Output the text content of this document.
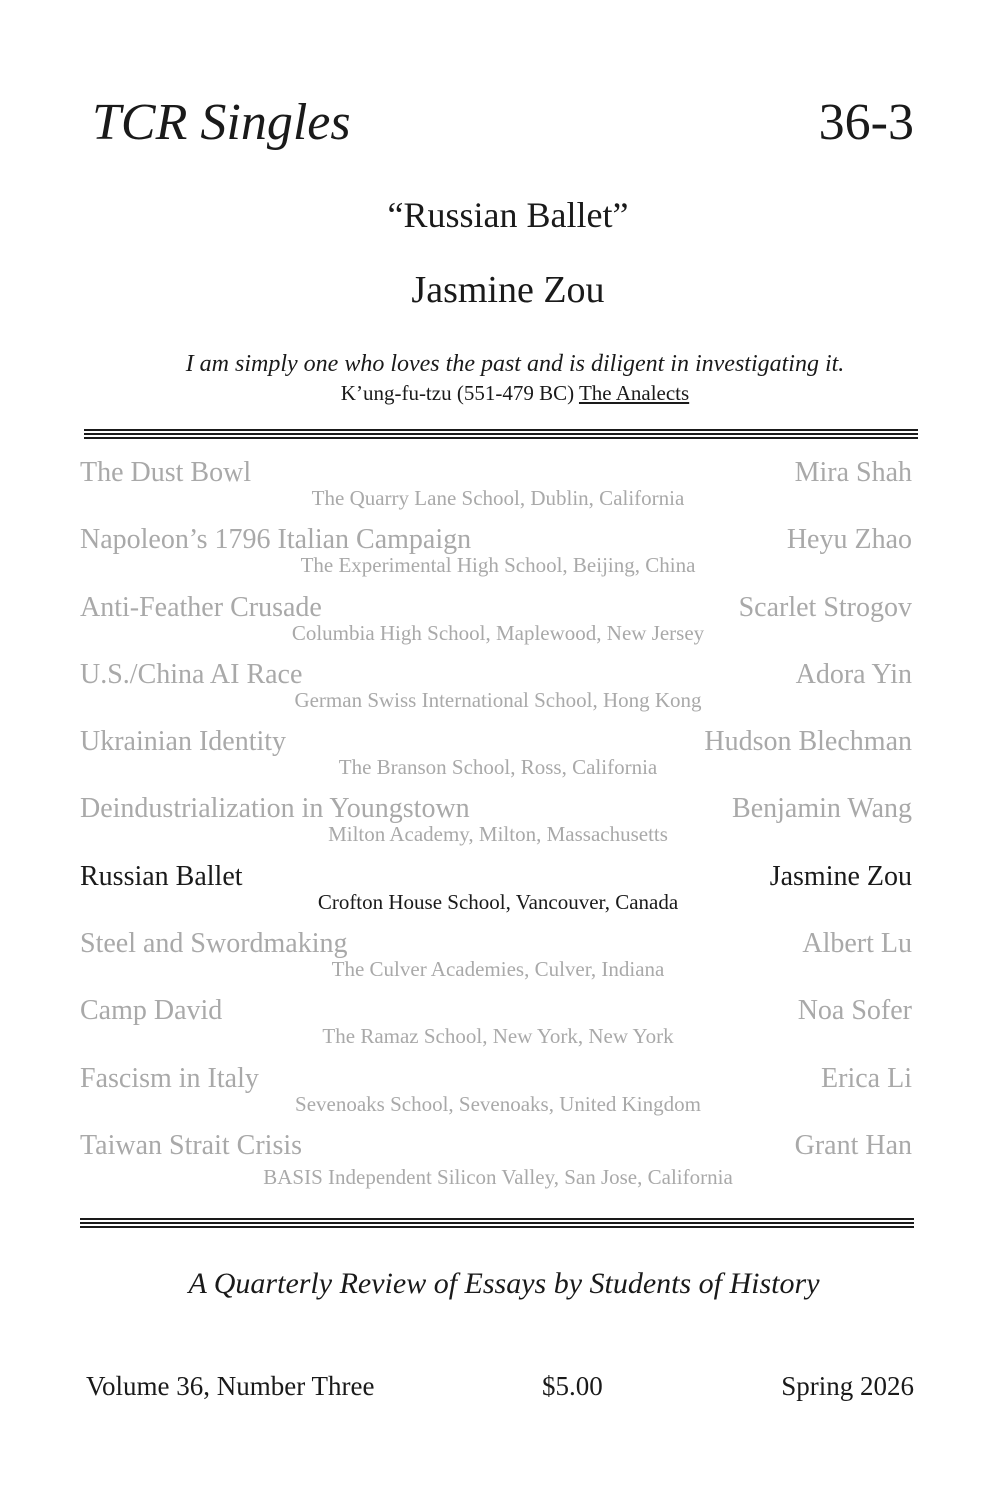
TCR Singles	36-3
“Russian Ballet”
Jasmine Zou
I am simply one who loves the past and is diligent in investigating it.
K’ung-fu-tzu (551-479 BC) The Analects
The Dust Bowl	Mira Shah
The Quarry Lane School, Dublin, California
Napoleon’s 1796 Italian Campaign	Heyu Zhao
The Experimental High School, Beijing, China
Anti-Feather Crusade	Scarlet Strogov
Columbia High School, Maplewood, New Jersey
U.S./China AI Race	Adora Yin
German Swiss International School, Hong Kong
Ukrainian Identity	Hudson Blechman
The Branson School, Ross, California
Deindustrialization in Youngstown	Benjamin Wang
Milton Academy, Milton, Massachusetts
Russian Ballet	Jasmine Zou
Crofton House School, Vancouver, Canada
Steel and Swordmaking	Albert Lu
The Culver Academies, Culver, Indiana
Camp David	Noa Sofer
The Ramaz School, New York, New York
Fascism in Italy	Erica Li
Sevenoaks School, Sevenoaks, United Kingdom
Taiwan Strait Crisis	Grant Han
BASIS Independent Silicon Valley, San Jose, California
A Quarterly Review of Essays by Students of History
Volume 36, Number Three	$5.00	Spring 2026
